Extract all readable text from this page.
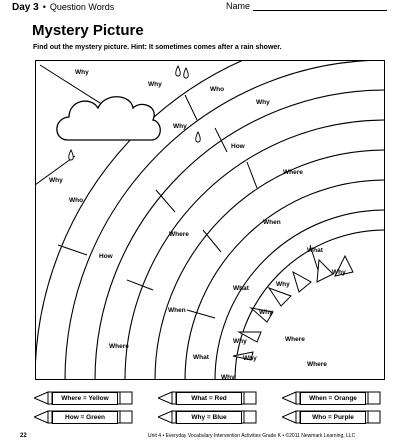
Day 3 • Question Words	Name
Mystery Picture

Find out the mystery picture. Hint: It sometimes comes after a rain shower.

Why
Why
Who
Why
Why
How
Why
Who
Where
When
Where
What
How
Why
What
Why
When	Why
Why	Where
What	Why
Where
Why
Where
Where = Yellow	What = Red	When = Orange
How = Green	Why = Blue	Who = Purple
22	Unit 4 • Everyday Vocabulary Intervention Activities Grade K • ©2011 Newmark Learning, LLC
